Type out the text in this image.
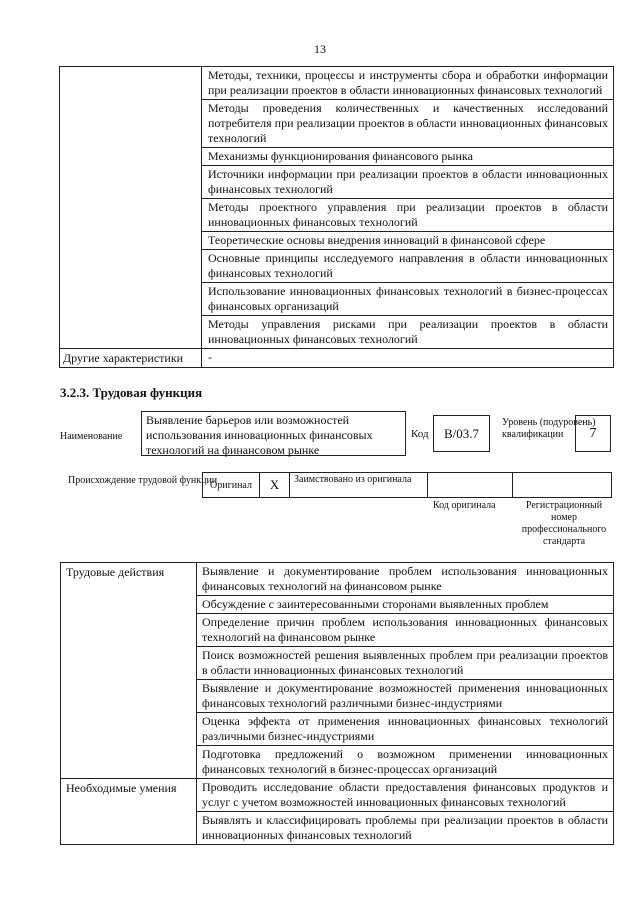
13
Методы, техники, процессы и инструменты сбора и обработки информации при реализации проектов в области инновационных финансовых технологий
Методы проведения количественных и качественных исследований потребителя при реализации проектов в области инновационных финансовых технологий
Механизмы функционирования финансового рынка
Источники информации при реализации проектов в области инновационных финансовых технологий
Методы проектного управления при реализации проектов в области инновационных финансовых технологий
Теоретические основы внедрения инноваций в финансовой сфере
Основные принципы исследуемого направления в области инновационных финансовых технологий
Использование инновационных финансовых технологий в бизнес-процессах финансовых организаций
Методы управления рисками при реализации проектов в области инновационных финансовых технологий
Другие характеристики	-
3.2.3. Трудовая функция
Наименование
Выявление барьеров или возможностей использования инновационных финансовых технологий на финансовом рынке
Код	B/03.7
Уровень (подуровень) квалификации	7
Происхождение трудовой функции
Оригинал	X	Заимствовано из оригинала
Код оригинала	Регистрационный номер профессионального стандарта
Трудовые действия	Выявление и документирование проблем использования инновационных финансовых технологий на финансовом рынке
Обсуждение с заинтересованными сторонами выявленных проблем
Определение причин проблем использования инновационных финансовых технологий на финансовом рынке
Поиск возможностей решения выявленных проблем при реализации проектов в области инновационных финансовых технологий
Выявление и документирование возможностей применения инновационных финансовых технологий различными бизнес-индустриями
Оценка эффекта от применения инновационных финансовых технологий различными бизнес-индустриями
Подготовка предложений о возможном применении инновационных финансовых технологий в бизнес-процессах организаций
Необходимые умения	Проводить исследование области предоставления финансовых продуктов и услуг с учетом возможностей инновационных финансовых технологий
Выявлять и классифицировать проблемы при реализации проектов в области инновационных финансовых технологий
